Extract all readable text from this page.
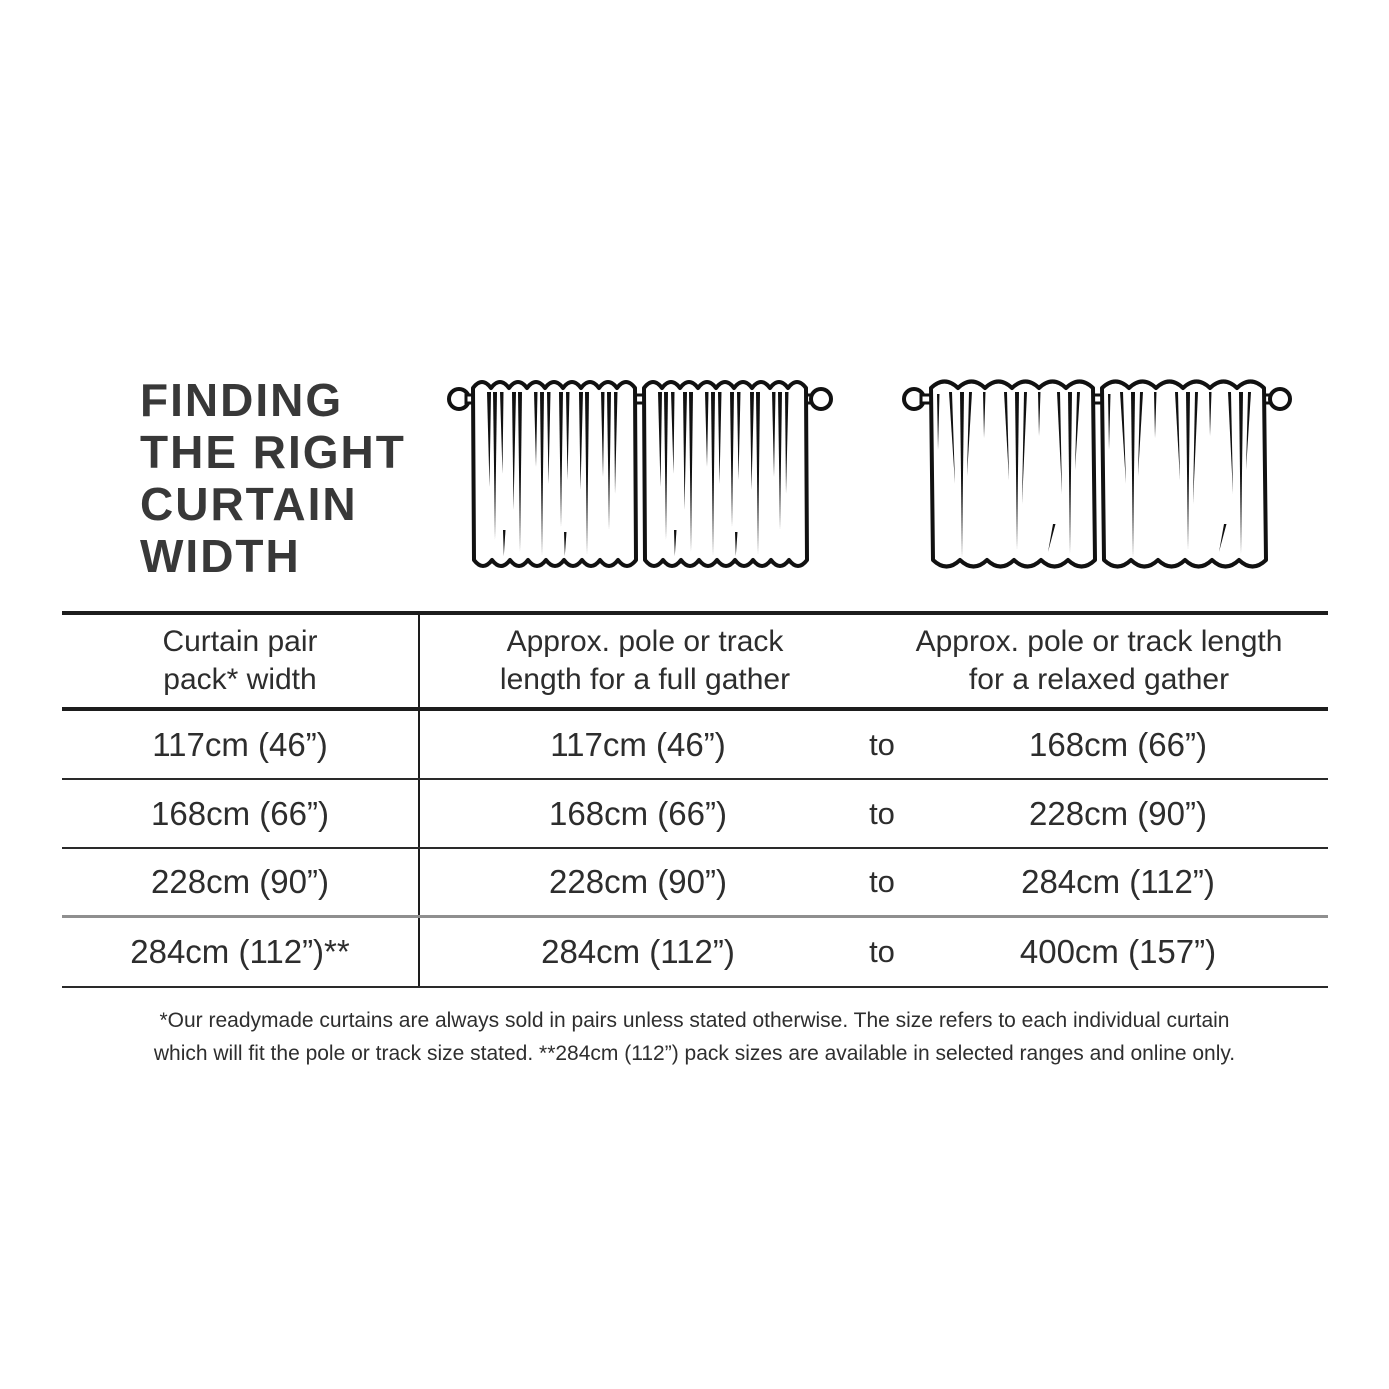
FINDING
THE RIGHT
CURTAIN
WIDTH
Curtain pair
pack* width
Approx. pole or track
length for a full gather
Approx. pole or track length
for a relaxed gather
117cm (46”)	117cm (46”)	to	168cm (66”)
168cm (66”)	168cm (66”)	to	228cm (90”)
228cm (90”)	228cm (90”)	to	284cm (112”)
284cm (112”)**	284cm (112”)	to	400cm (157”)
*Our readymade curtains are always sold in pairs unless stated otherwise. The size refers to each individual curtain
which will fit the pole or track size stated. **284cm (112”) pack sizes are available in selected ranges and online only.
